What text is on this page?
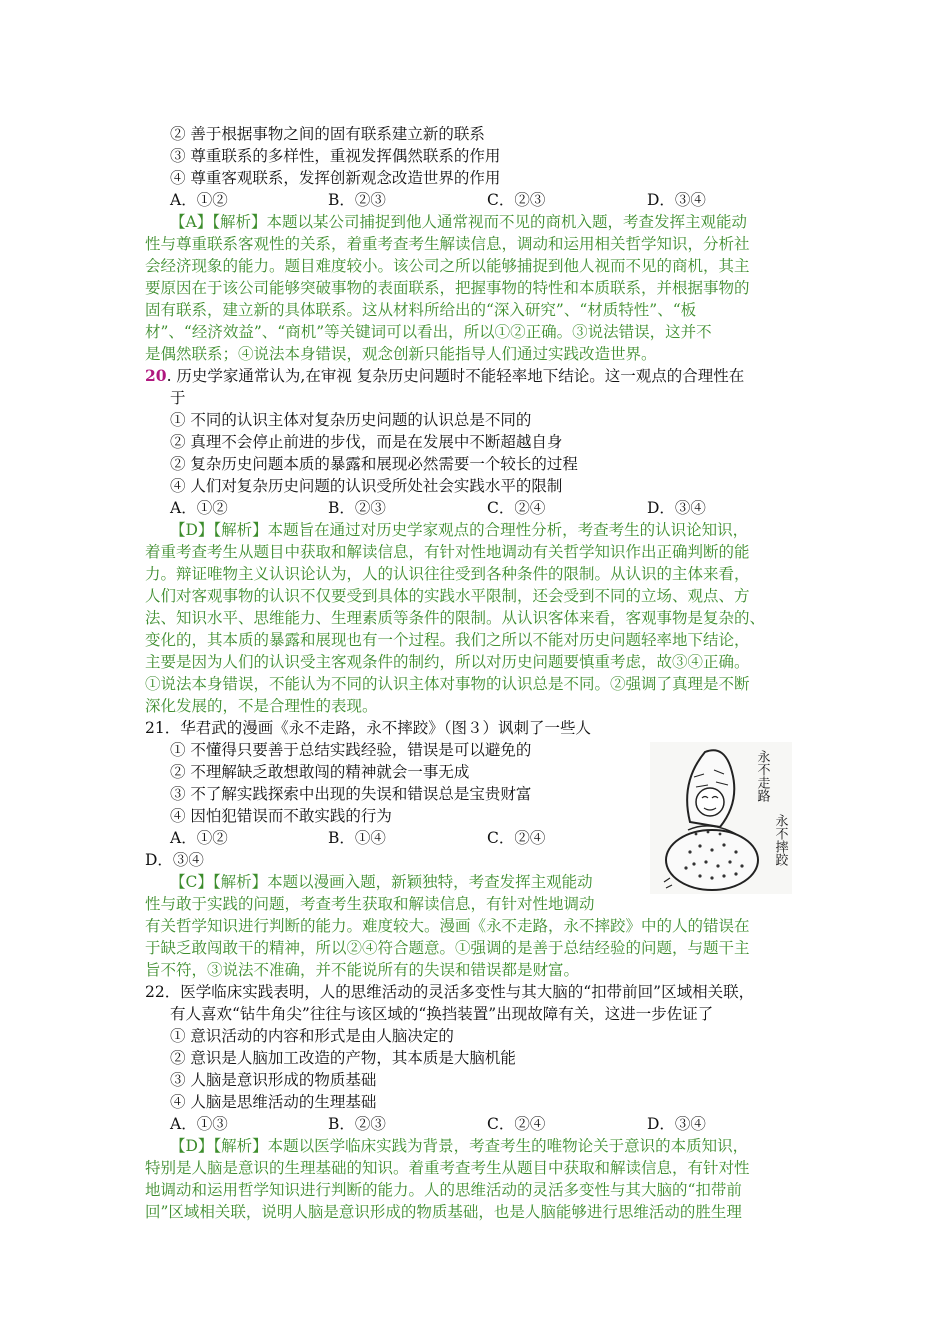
② 善于根据事物之间的固有联系建立新的联系
③ 尊重联系的多样性，重视发挥偶然联系的作用
④ 尊重客观联系，发挥创新观念改造世界的作用
A．①②	B．②③	C．②③	D．③④
【A】【解析】本题以某公司捕捉到他人通常视而不见的商机入题，考查发挥主观能动
性与尊重联系客观性的关系，着重考查考生解读信息，调动和运用相关哲学知识，分析社
会经济现象的能力。题目难度较小。该公司之所以能够捕捉到他人视而不见的商机，其主
要原因在于该公司能够突破事物的表面联系，把握事物的特性和本质联系，并根据事物的
固有联系，建立新的具体联系。这从材料所给出的“深入研究”、“材质特性”、“板
材”、“经济效益”、“商机”等关键词可以看出，所以①②正确。③说法错误，这并不
是偶然联系；④说法本身错误，观念创新只能指导人们通过实践改造世界。
20. 历史学家通常认为,在审视 复杂历史问题时不能轻率地下结论。这一观点的合理性在
于
① 不同的认识主体对复杂历史问题的认识总是不同的
② 真理不会停止前进的步伐，而是在发展中不断超越自身
② 复杂历史问题本质的暴露和展现必然需要一个较长的过程
④ 人们对复杂历史问题的认识受所处社会实践水平的限制
A．①②	B．②③	C．②④	D．③④
【D】【解析】本题旨在通过对历史学家观点的合理性分析，考查考生的认识论知识，
着重考查考生从题目中获取和解读信息，有针对性地调动有关哲学知识作出正确判断的能
力。辩证唯物主义认识论认为，人的认识往往受到各种条件的限制。从认识的主体来看，
人们对客观事物的认识不仅要受到具体的实践水平限制，还会受到不同的立场、观点、方
法、知识水平、思维能力、生理素质等条件的限制。从认识客体来看，客观事物是复杂的、
变化的，其本质的暴露和展现也有一个过程。我们之所以不能对历史问题轻率地下结论，
主要是因为人们的认识受主客观条件的制约，所以对历史问题要慎重考虑，故③④正确。
①说法本身错误，不能认为不同的认识主体对事物的认识总是不同。②强调了真理是不断
深化发展的，不是合理性的表现。
21．华君武的漫画《永不走路，永不摔跤》（图３）讽刺了一些人
① 不懂得只要善于总结实践经验，错误是可以避免的
② 不理解缺乏敢想敢闯的精神就会一事无成
③ 不了解实践探索中出现的失误和错误总是宝贵财富
④ 因怕犯错误而不敢实践的行为
A．①②	B．①④	C．②④
D．③④
【C】【解析】本题以漫画入题，新颖独特，考查发挥主观能动
性与敢于实践的问题，考查考生获取和解读信息，有针对性地调动
有关哲学知识进行判断的能力。难度较大。漫画《永不走路，永不摔跤》中的人的错误在
于缺乏敢闯敢干的精神，所以②④符合题意。①强调的是善于总结经验的问题，与题干主
旨不符，③说法不准确，并不能说所有的失误和错误都是财富。
永不走路
永不摔跤
22．医学临床实践表明，人的思维活动的灵活多变性与其大脑的“扣带前回”区域相关联，
有人喜欢“钻牛角尖”往往与该区域的“换挡装置”出现故障有关，这进一步佐证了
① 意识活动的内容和形式是由人脑决定的
② 意识是人脑加工改造的产物，其本质是大脑机能
③ 人脑是意识形成的物质基础
④ 人脑是思维活动的生理基础
A．①③	B．②③	C．②④	D．③④
【D】【解析】本题以医学临床实践为背景，考查考生的唯物论关于意识的本质知识，
特别是人脑是意识的生理基础的知识。着重考查考生从题目中获取和解读信息，有针对性
地调动和运用哲学知识进行判断的能力。人的思维活动的灵活多变性与其大脑的“扣带前
回”区域相关联，说明人脑是意识形成的物质基础，也是人脑能够进行思维活动的胜生理
